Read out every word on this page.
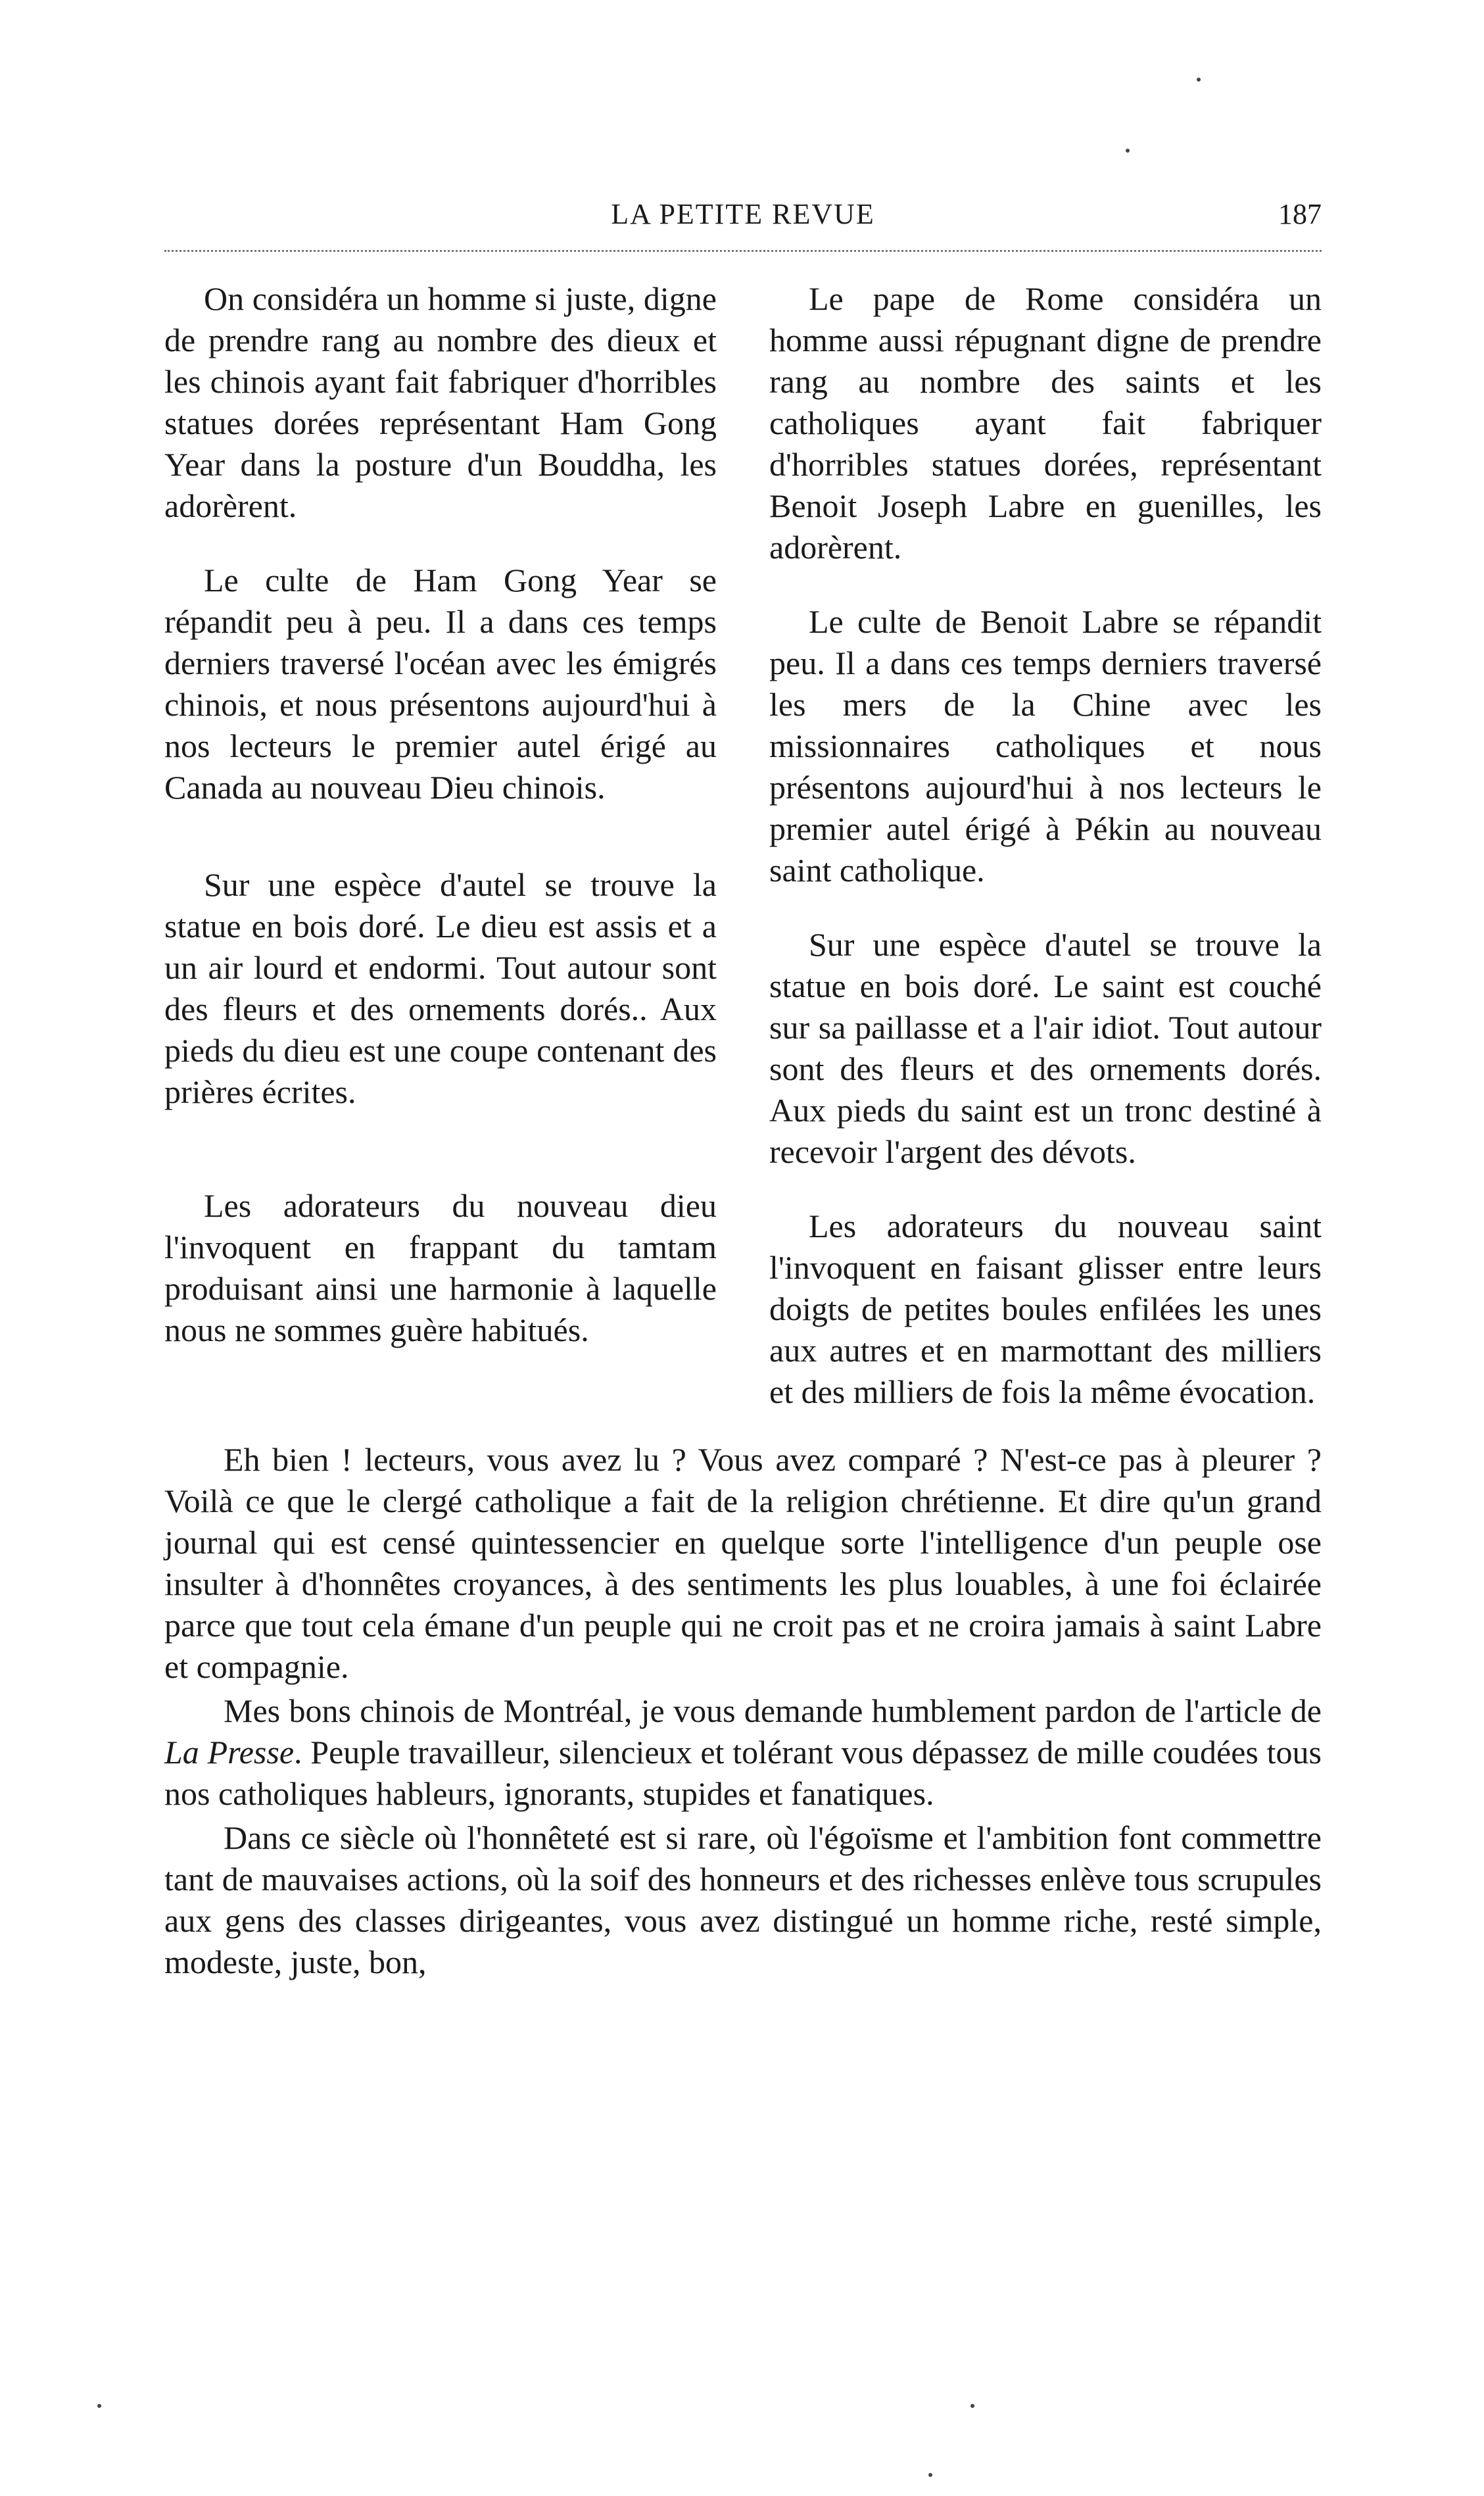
LA PETITE REVUE	187

On considéra un homme si juste, digne de prendre rang au nombre des dieux et les chinois ayant fait fabriquer d'horribles statues dorées représentant Ham Gong Year dans la posture d'un Bouddha, les adorèrent.

Le culte de Ham Gong Year se répandit peu à peu. Il a dans ces temps derniers traversé l'océan avec les émigrés chinois, et nous présentons aujourd'hui à nos lecteurs le premier autel érigé au Canada au nouveau Dieu chinois.

Sur une espèce d'autel se trouve la statue en bois doré. Le dieu est assis et a un air lourd et endormi. Tout autour sont des fleurs et des ornements dorés.. Aux pieds du dieu est une coupe contenant des prières écrites.

Les adorateurs du nouveau dieu l'invoquent en frappant du tamtam produisant ainsi une harmonie à laquelle nous ne sommes guère habitués.

Le pape de Rome considéra un homme aussi répugnant digne de prendre rang au nombre des saints et les catholiques ayant fait fabriquer d'horribles statues dorées, représentant Benoit Joseph Labre en guenilles, les adorèrent.

Le culte de Benoit Labre se répandit peu. Il a dans ces temps derniers traversé les mers de la Chine avec les missionnaires catholiques et nous présentons aujourd'hui à nos lecteurs le premier autel érigé à Pékin au nouveau saint catholique.

Sur une espèce d'autel se trouve la statue en bois doré. Le saint est couché sur sa paillasse et a l'air idiot. Tout autour sont des fleurs et des ornements dorés. Aux pieds du saint est un tronc destiné à recevoir l'argent des dévots.

Les adorateurs du nouveau saint l'invoquent en faisant glisser entre leurs doigts de petites boules enfilées les unes aux autres et en marmottant des milliers et des milliers de fois la même évocation.

Eh bien ! lecteurs, vous avez lu ? Vous avez comparé ? N'est-ce pas à pleurer ? Voilà ce que le clergé catholique a fait de la religion chrétienne. Et dire qu'un grand journal qui est censé quintessencier en quelque sorte l'intelligence d'un peuple ose insulter à d'honnêtes croyances, à des sentiments les plus louables, à une foi éclairée parce que tout cela émane d'un peuple qui ne croit pas et ne croira jamais à saint Labre et compagnie.

Mes bons chinois de Montréal, je vous demande humblement pardon de l'article de La Presse. Peuple travailleur, silencieux et tolérant vous dépassez de mille coudées tous nos catholiques hableurs, ignorants, stupides et fanatiques.

Dans ce siècle où l'honnêteté est si rare, où l'égoïsme et l'ambition font commettre tant de mauvaises actions, où la soif des honneurs et des richesses enlève tous scrupules aux gens des classes dirigeantes, vous avez distingué un homme riche, resté simple, modeste, juste, bon,
